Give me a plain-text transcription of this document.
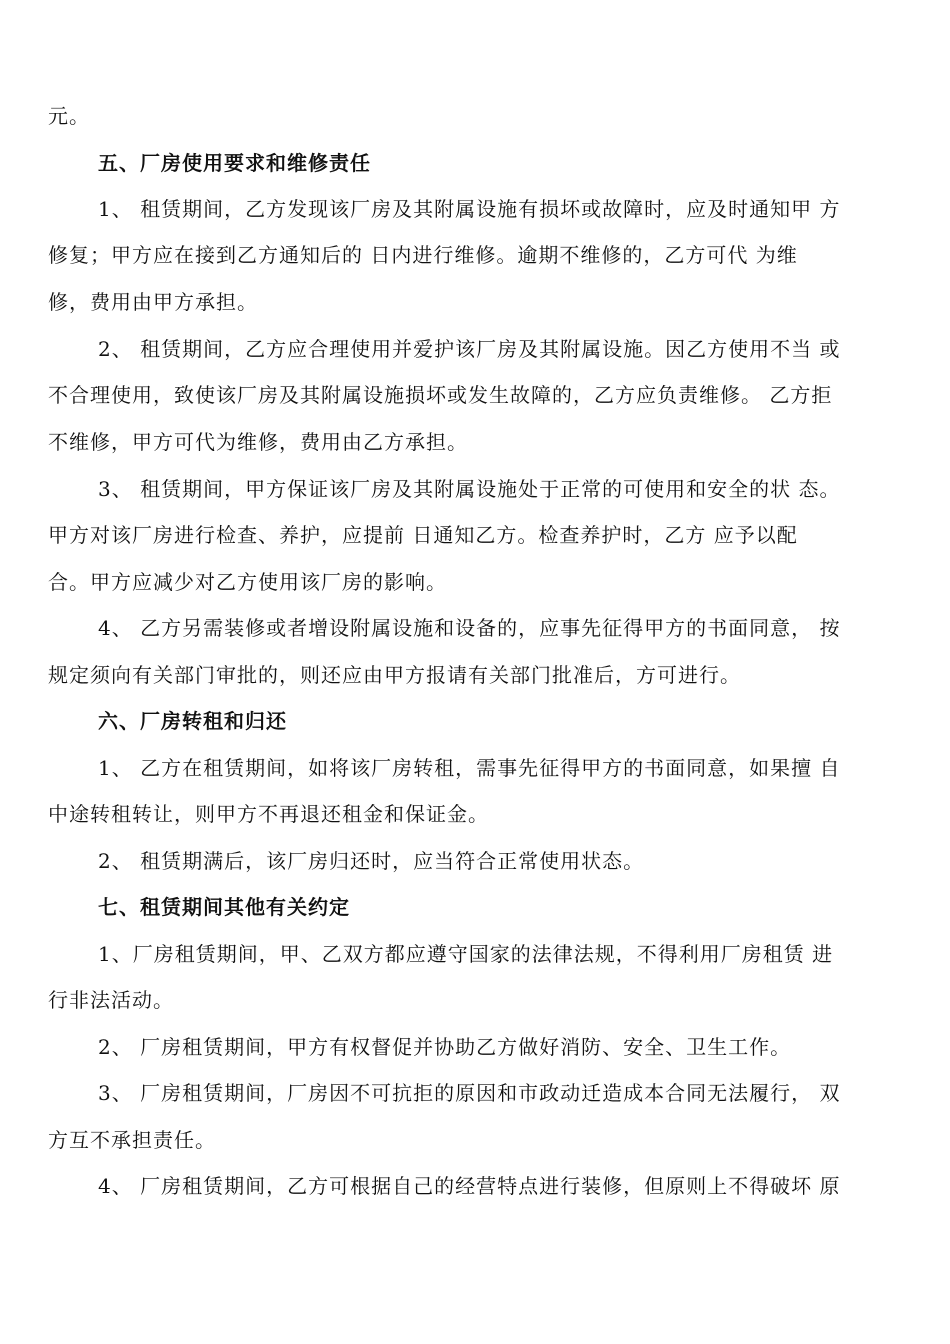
元。
五、厂房使用要求和维修责任
1、 租赁期间，乙方发现该厂房及其附属设施有损坏或故障时，应及时通知甲 方
修复；甲方应在接到乙方通知后的 日内进行维修。逾期不维修的，乙方可代 为维
修，费用由甲方承担。
2、 租赁期间，乙方应合理使用并爱护该厂房及其附属设施。因乙方使用不当 或
不合理使用，致使该厂房及其附属设施损坏或发生故障的，乙方应负责维修。 乙方拒
不维修，甲方可代为维修，费用由乙方承担。
3、 租赁期间，甲方保证该厂房及其附属设施处于正常的可使用和安全的状 态。
甲方对该厂房进行检查、养护，应提前 日通知乙方。检查养护时，乙方 应予以配
合。甲方应减少对乙方使用该厂房的影响。
4、 乙方另需装修或者增设附属设施和设备的，应事先征得甲方的书面同意， 按
规定须向有关部门审批的，则还应由甲方报请有关部门批准后，方可进行。
六、厂房转租和归还
1、 乙方在租赁期间，如将该厂房转租，需事先征得甲方的书面同意，如果擅 自
中途转租转让，则甲方不再退还租金和保证金。
2、 租赁期满后，该厂房归还时，应当符合正常使用状态。
七、租赁期间其他有关约定
1、厂房租赁期间，甲、乙双方都应遵守国家的法律法规，不得利用厂房租赁 进
行非法活动。
2、 厂房租赁期间，甲方有权督促并协助乙方做好消防、安全、卫生工作。
3、 厂房租赁期间，厂房因不可抗拒的原因和市政动迁造成本合同无法履行， 双
方互不承担责任。
4、 厂房租赁期间，乙方可根据自己的经营特点进行装修，但原则上不得破坏 原
